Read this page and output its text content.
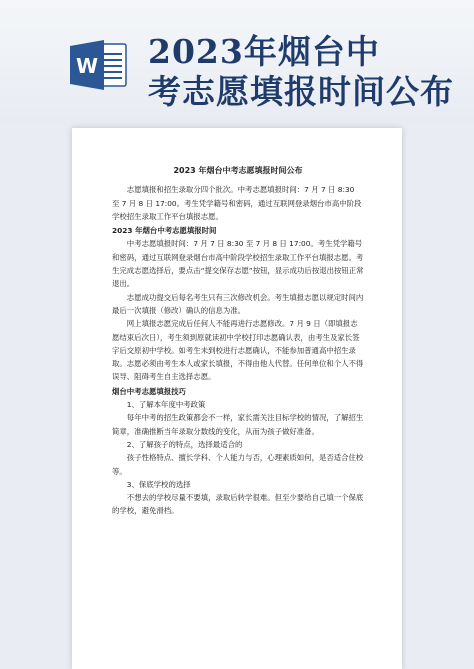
W 2023年烟台中
考志愿填报时间公布
2023 年烟台中考志愿填报时间公布

志愿填报和招生录取分四个批次。中考志愿填报时间：7 月 7 日 8:30 至 7 月 8 日 17:00。考生凭学籍号和密码，通过互联网登录烟台市高中阶段学校招生录取工作平台填报志愿。

2023 年烟台中考志愿填报时间

中考志愿填报时间：7 月 7 日 8:30 至 7 月 8 日 17:00。考生凭学籍号和密码，通过互联网登录烟台市高中阶段学校招生录取工作平台填报志愿。考生完成志愿选择后，要点击“提交保存志愿”按钮，显示成功后按退出按钮正常退出。

志愿成功提交后每名考生只有三次修改机会。考生填报志愿以规定时间内最后一次填报（修改）确认的信息为准。

网上填报志愿完成后任何人不能再进行志愿修改。7 月 9 日（即填报志愿结束后次日），考生须到原就读初中学校打印志愿确认表，由考生及家长签字后交原初中学校。如考生未到校进行志愿确认，不能参加普通高中招生录取。志愿必须由考生本人或家长填报，不得由他人代替。任何单位和个人不得误导、阻碍考生自主选择志愿。

烟台中考志愿填报技巧
1、了解本年度中考政策

每年中考的招生政策都会不一样，家长需关注目标学校的情况，了解招生简章，准确推断当年录取分数线的变化，从而为孩子做好准备。

2、了解孩子的特点，选择最适合的

孩子性格特点、擅长学科、个人能力与否，心理素质如何，是否适合住校等。

3、保底学校的选择

不想去的学校尽量不要填，录取后转学很难。但至少要给自己填一个保底的学校，避免滑档。
